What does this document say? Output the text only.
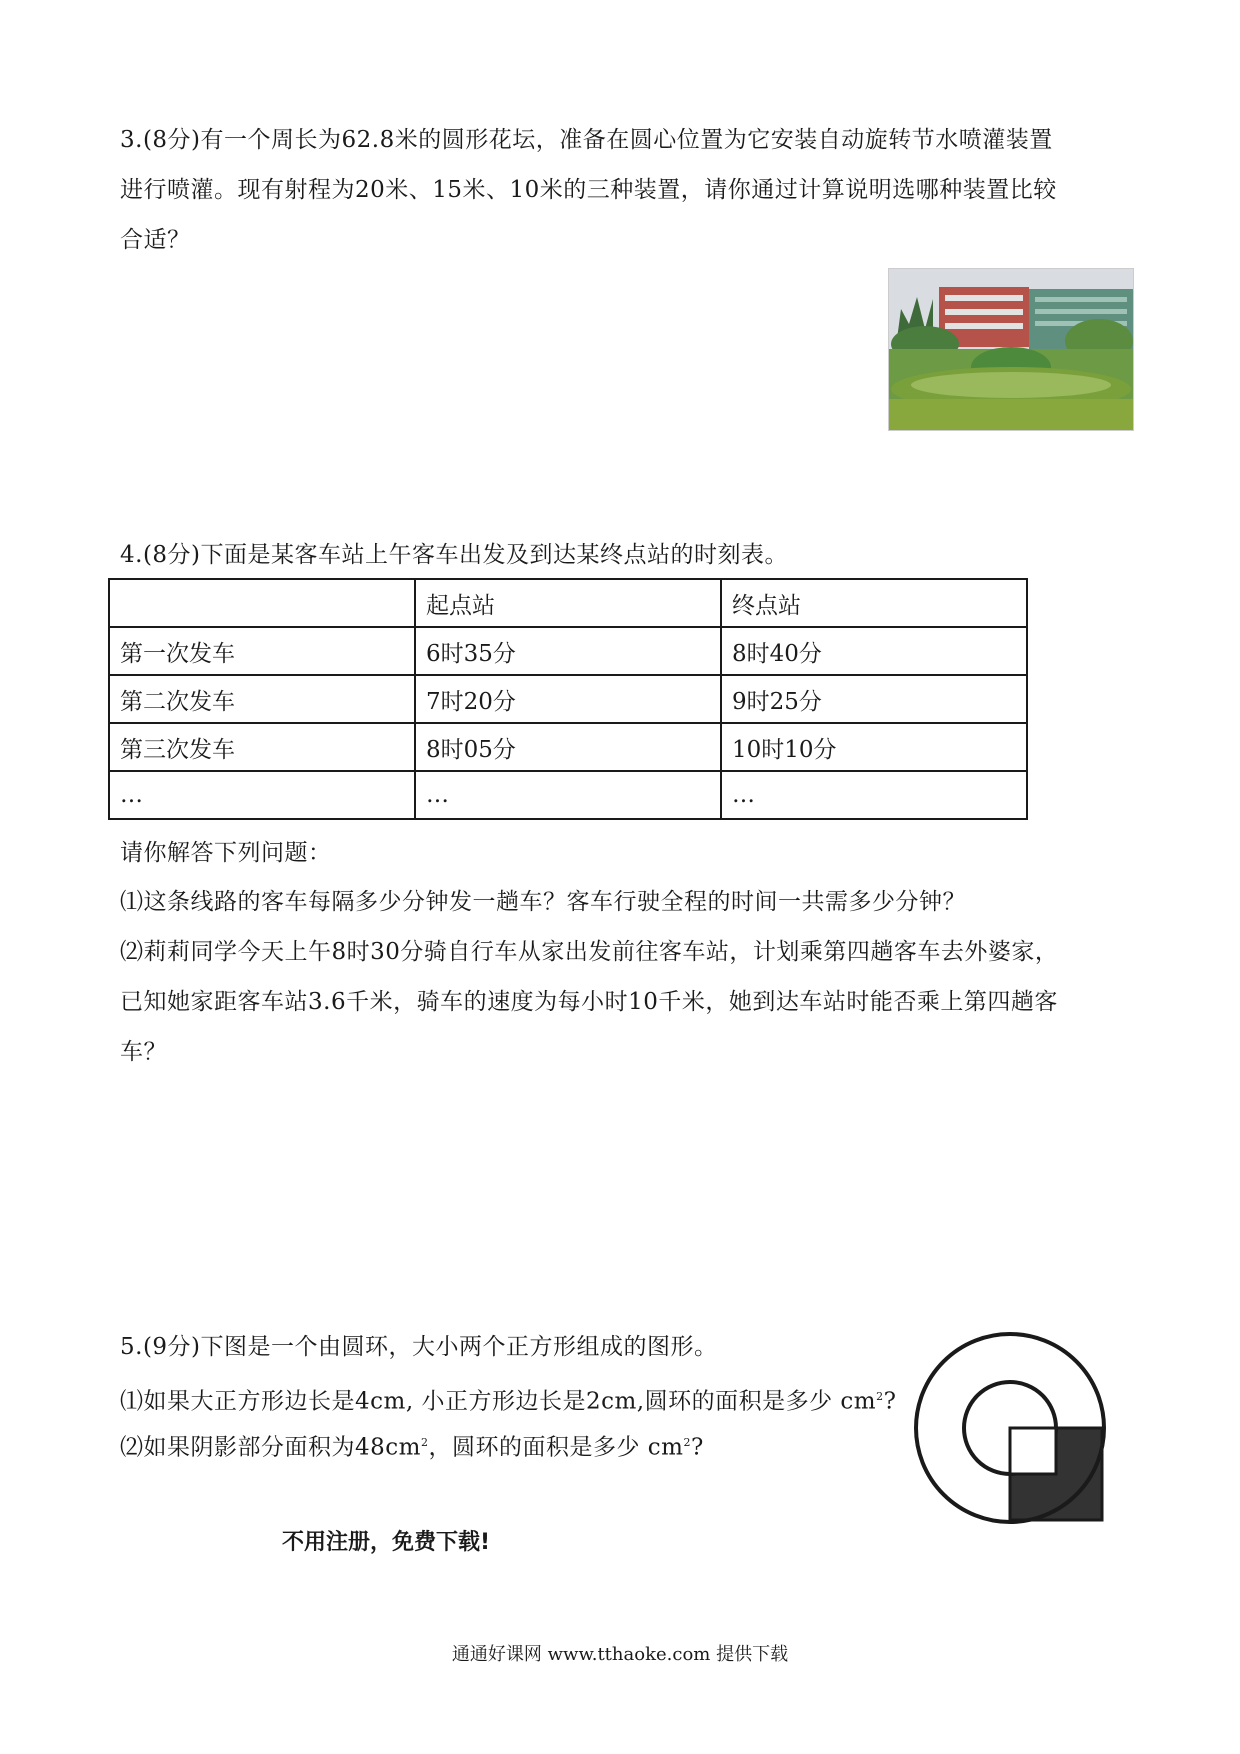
3.(8分)有一个周长为62.8米的圆形花坛，准备在圆心位置为它安装自动旋转节水喷灌装置
进行喷灌。现有射程为20米、15米、10米的三种装置，请你通过计算说明选哪种装置比较
合适？
4.(8分)下面是某客车站上午客车出发及到达某终点站的时刻表。
	起点站	终点站
第一次发车	6时35分	8时40分
第二次发车	7时20分	9时25分
第三次发车	8时05分	10时10分
…	…	…
请你解答下列问题：
⑴这条线路的客车每隔多少分钟发一趟车？客车行驶全程的时间一共需多少分钟？
⑵莉莉同学今天上午8时30分骑自行车从家出发前往客车站，计划乘第四趟客车去外婆家，
已知她家距客车站3.6千米，骑车的速度为每小时10千米，她到达车站时能否乘上第四趟客
车？
5.(9分)下图是一个由圆环，大小两个正方形组成的图形。
⑴如果大正方形边长是4cm, 小正方形边长是2cm,圆环的面积是多少 $cm^2$?
⑵如果阴影部分面积为$48cm^2$，圆环的面积是多少 $cm^2$?
不用注册，免费下载!
通通好课网 www.tthaoke.com 提供下载
